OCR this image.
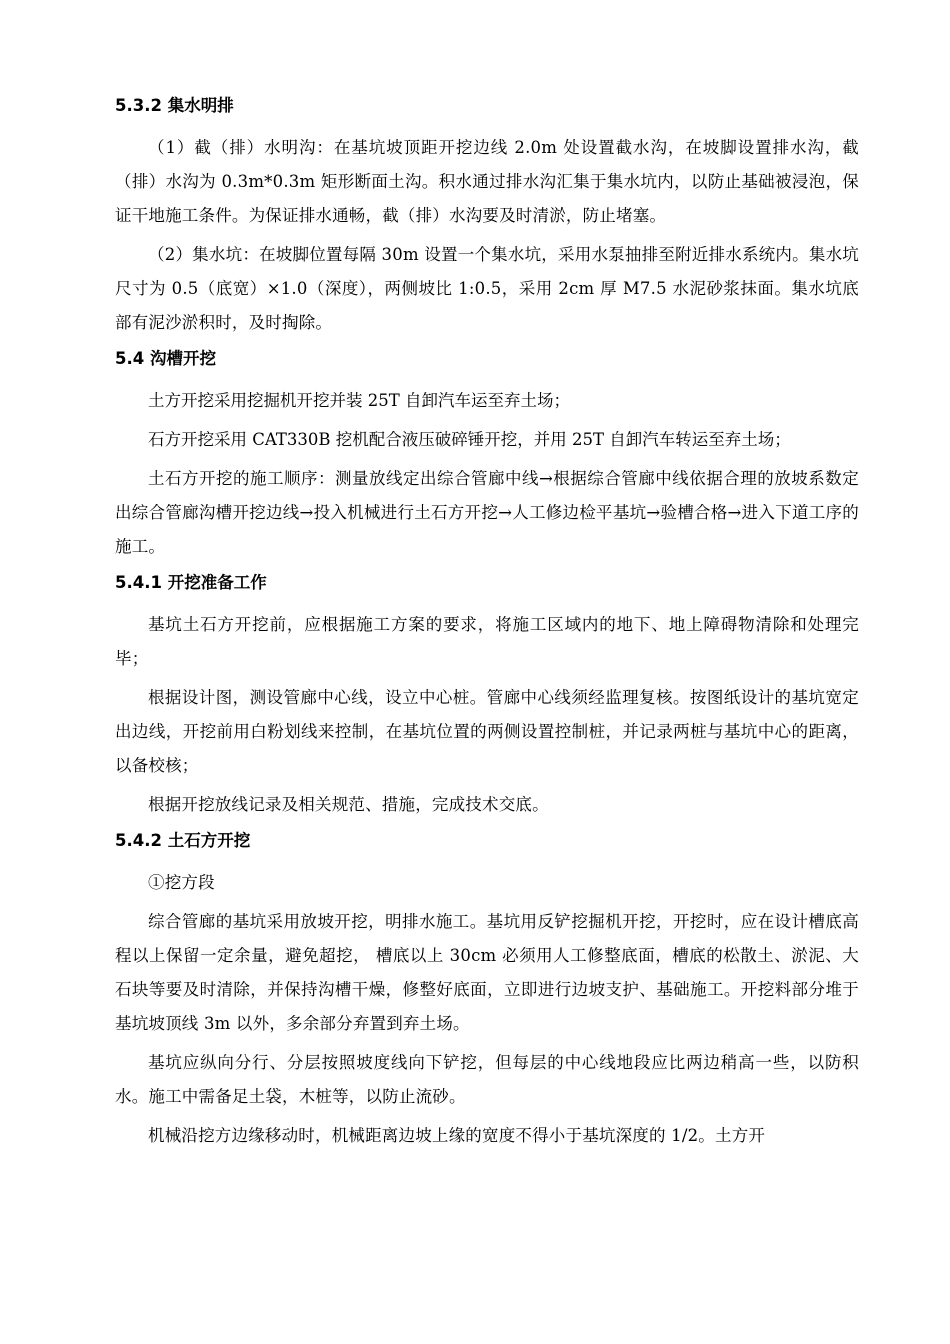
5.3.2 集水明排

（1）截（排）水明沟：在基坑坡顶距开挖边线 2.0m 处设置截水沟，在坡脚设置排水沟，截（排）水沟为 0.3m*0.3m 矩形断面土沟。积水通过排水沟汇集于集水坑内，以防止基础被浸泡，保证干地施工条件。为保证排水通畅，截（排）水沟要及时清淤，防止堵塞。

（2）集水坑：在坡脚位置每隔 30m 设置一个集水坑，采用水泵抽排至附近排水系统内。集水坑尺寸为 0.5（底宽）×1.0（深度），两侧坡比 1:0.5，采用 2cm 厚 M7.5 水泥砂浆抹面。集水坑底部有泥沙淤积时，及时掏除。

5.4 沟槽开挖

土方开挖采用挖掘机开挖并装 25T 自卸汽车运至弃土场；

石方开挖采用 CAT330B 挖机配合液压破碎锤开挖，并用 25T 自卸汽车转运至弃土场；

土石方开挖的施工顺序：测量放线定出综合管廊中线→根据综合管廊中线依据合理的放坡系数定出综合管廊沟槽开挖边线→投入机械进行土石方开挖→人工修边检平基坑→验槽合格→进入下道工序的施工。

5.4.1 开挖准备工作

基坑土石方开挖前，应根据施工方案的要求，将施工区域内的地下、地上障碍物清除和处理完毕；

根据设计图，测设管廊中心线，设立中心桩。管廊中心线须经监理复核。按图纸设计的基坑宽定出边线，开挖前用白粉划线来控制，在基坑位置的两侧设置控制桩，并记录两桩与基坑中心的距离，以备校核；

根据开挖放线记录及相关规范、措施，完成技术交底。

5.4.2 土石方开挖

①挖方段

综合管廊的基坑采用放坡开挖，明排水施工。基坑用反铲挖掘机开挖，开挖时，应在设计槽底高程以上保留一定余量，避免超挖， 槽底以上 30cm 必须用人工修整底面，槽底的松散土、淤泥、大石块等要及时清除，并保持沟槽干燥，修整好底面，立即进行边坡支护、基础施工。开挖料部分堆于基坑坡顶线 3m 以外，多余部分弃置到弃土场。

基坑应纵向分行、分层按照坡度线向下铲挖，但每层的中心线地段应比两边稍高一些，以防积水。施工中需备足土袋，木桩等，以防止流砂。

机械沿挖方边缘移动时，机械距离边坡上缘的宽度不得小于基坑深度的 1/2。土方开
